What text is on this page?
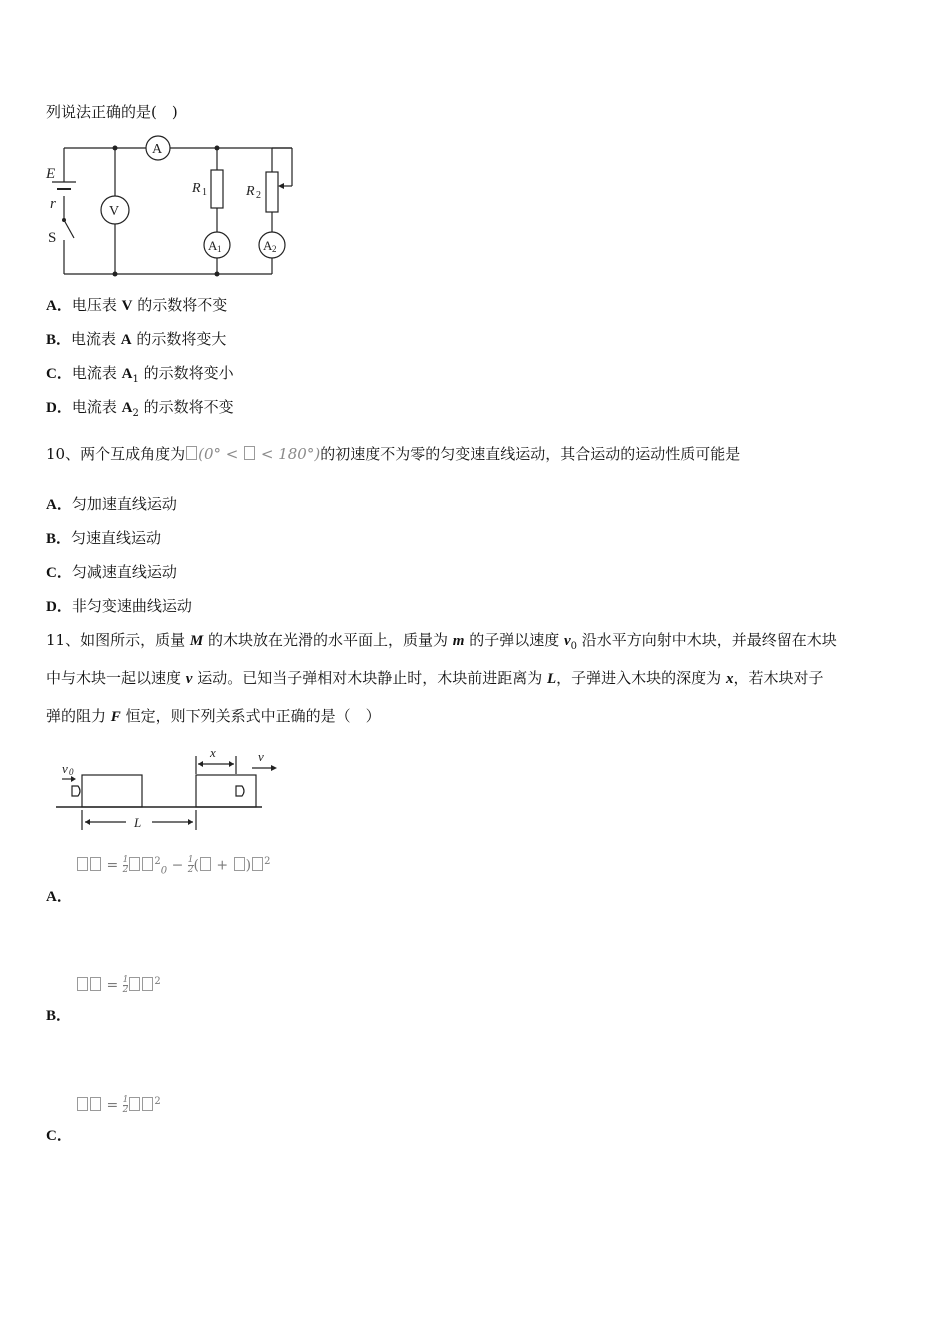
列说法正确的是(　)
E
r
S
A
V
R 1	R 2
A 1	A 2
A．电压表 V 的示数将不变
B．电流表 A 的示数将变大
C．电流表 $A_1$ 的示数将变小
D．电流表 $A_2$ 的示数将不变
10、两个互成角度为 (0° <  < 180°)的初速度不为零的匀变速直线运动，其合运动的运动性质可能是
A．匀加速直线运动
B．匀速直线运动
C．匀减速直线运动
D．非匀变速曲线运动
11、如图所示，质量 M 的木块放在光滑的水平面上，质量为 m 的子弹以速度 $v_0$ 沿水平方向射中木块，并最终留在木块
中与木块一起以速度 v 运动。已知当子弹相对木块静止时，木块前进距离为 L，子弹进入木块的深度为 x，若木块对子
弹的阻力 F 恒定，则下列关系式中正确的是（　）
v 0
x	v
L
= $\frac{1}{2}$	$^2_0 - \frac{1}{2}$ ( + ) $^2$
A．
= $\frac{1}{2}$	$^2$
B．
= $\frac{1}{2}$	$^2$
C．
